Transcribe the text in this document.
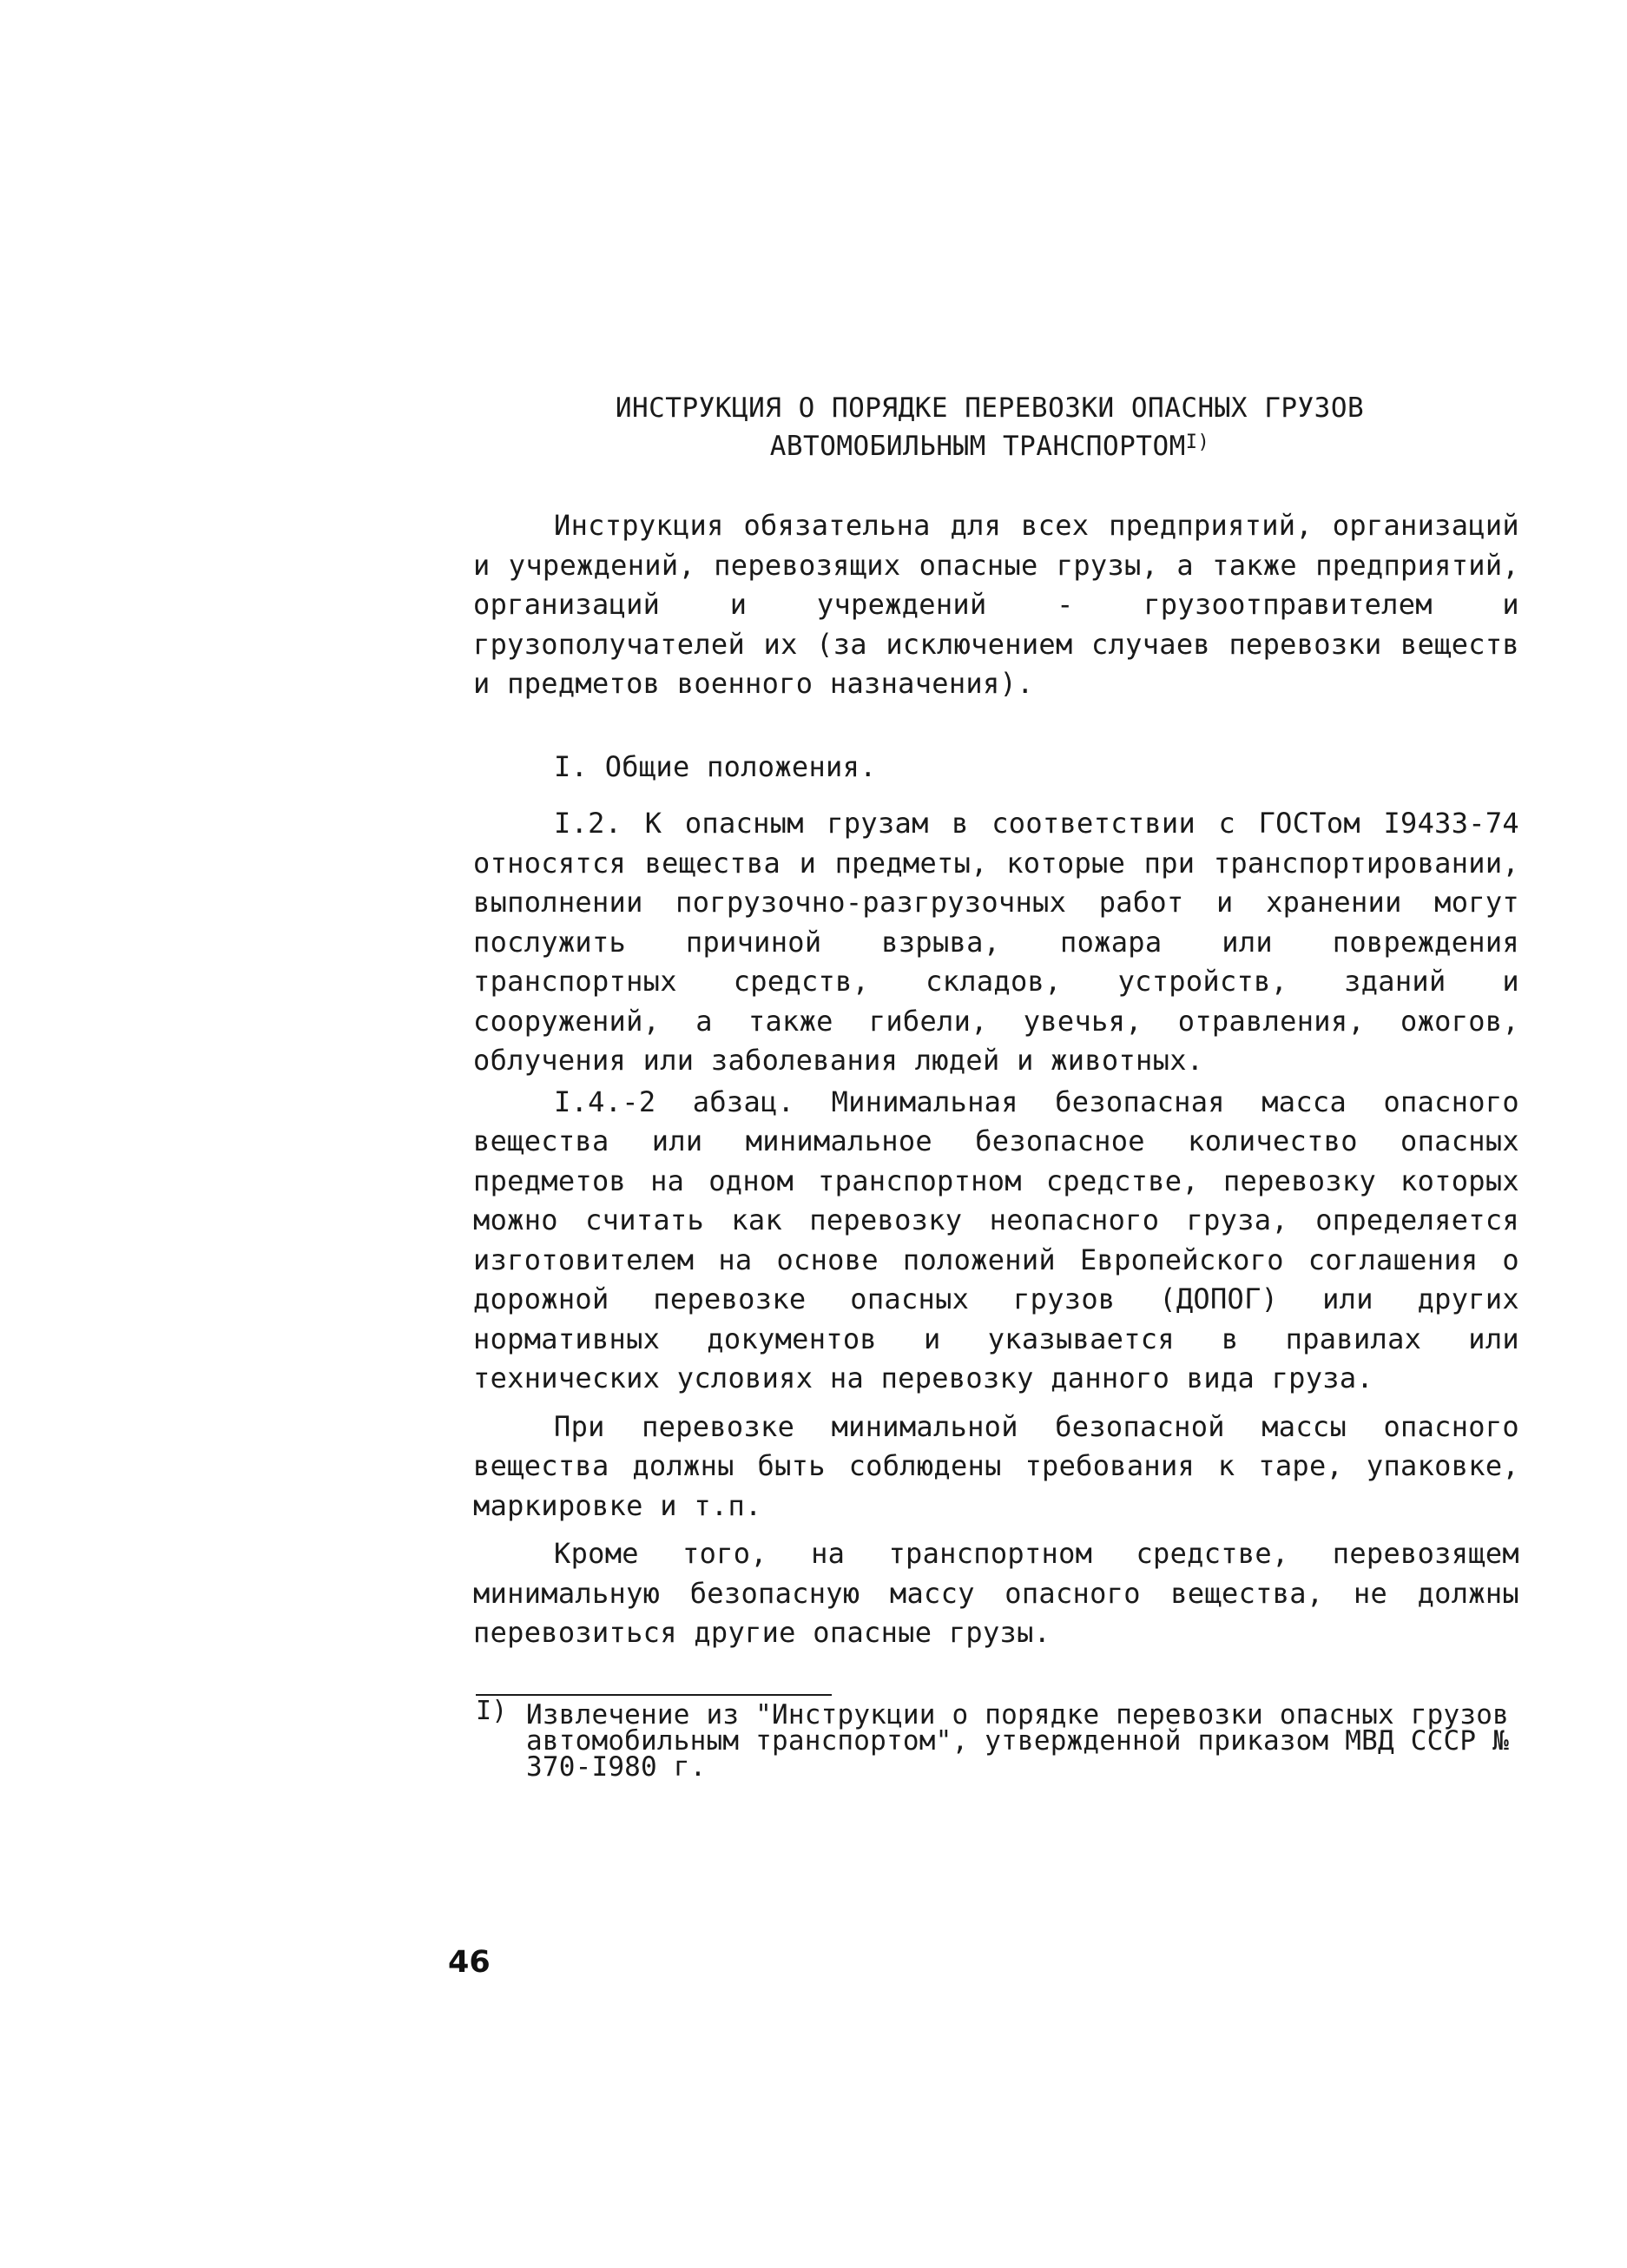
ИНСТРУКЦИЯ О ПОРЯДКЕ ПЕРЕВОЗКИ ОПАСНЫХ ГРУЗОВ
АВТОМОБИЛЬНЫМ $ТРАНСПОРТОМ^{I)}$

Инструкция обязательна для всех предприятий, организаций и учреждений, перевозящих опасные грузы, а также предприятий, организаций и учреждений - грузоотправителем и грузополучателей их (за исключением случаев перевозки веществ и предметов военного назначения).

I. Общие положения.

I.2. К опасным грузам в соответствии с ГОСТом I9433-74 относятся вещества и предметы, которые при транспортировании, выполнении погрузочно-разгрузочных работ и хранении могут послужить причиной взрыва, пожара или повреждения транспортных средств, складов, устройств, зданий и сооружений, а также гибели, увечья, отравления, ожогов, облучения или заболевания людей и животных.

I.4.-2 абзац. Минимальная безопасная масса опасного вещества или минимальное безопасное количество опасных предметов на одном транспортном средстве, перевозку которых можно считать как перевозку неопасного груза, определяется изготовителем на основе положений Европейского соглашения о дорожной перевозке опасных грузов (ДОПОГ) или других нормативных документов и указывается в правилах или технических условиях на перевозку данного вида груза.

При перевозке минимальной безопасной массы опасного вещества должны быть соблюдены требования к таре, упаковке, маркировке и т.п.

Кроме того, на транспортном средстве, перевозящем минимальную безопасную массу опасного вещества, не должны перевозиться другие опасные грузы.

I) Извлечение из "Инструкции о порядке перевозки опасных грузов автомобильным транспортом", утвержденной приказом МВД СССР № 370-I980 г.
46
